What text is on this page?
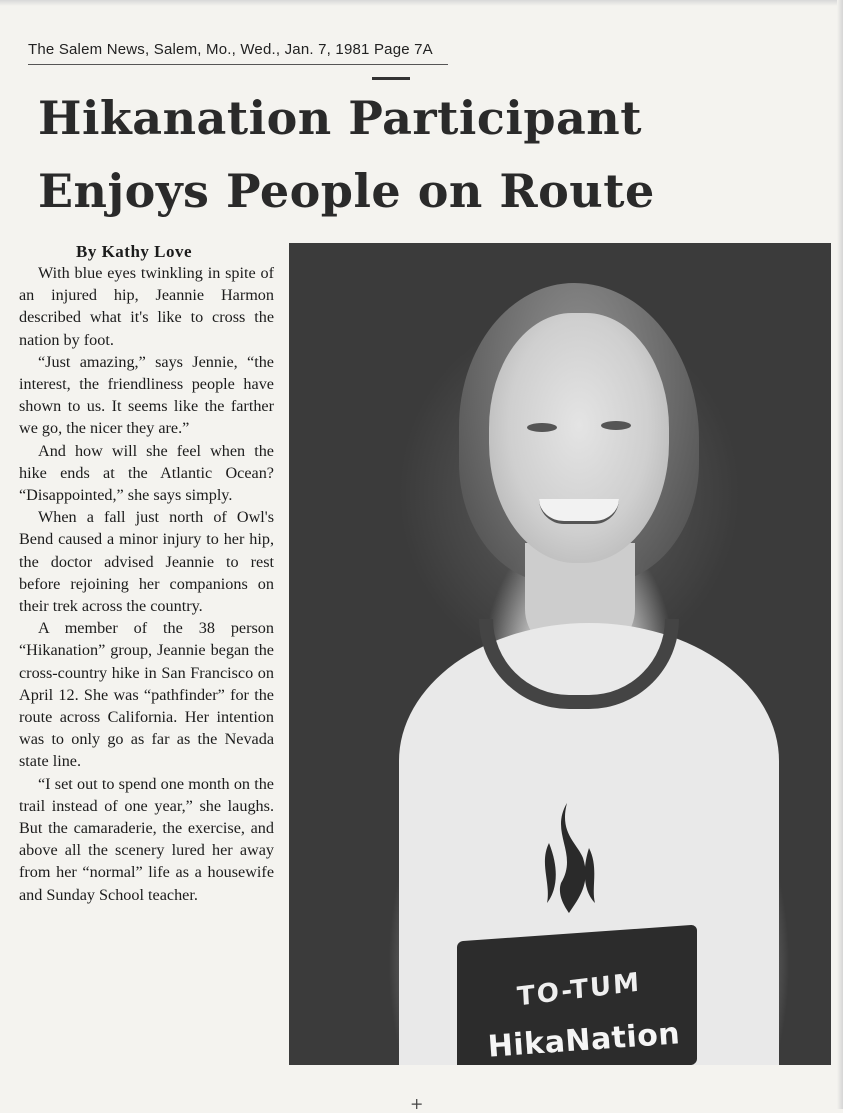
The Salem News, Salem, Mo., Wed., Jan. 7, 1981 Page 7A
Hikanation Participant
Enjoys People on Route
By Kathy Love

With blue eyes twinkling in spite of an injured hip, Jeannie Harmon described what it's like to cross the nation by foot.

“Just amazing,” says Jennie, “the interest, the friendliness people have shown to us. It seems like the farther we go, the nicer they are.”

And how will she feel when the hike ends at the Atlantic Ocean? “Disappointed,” she says simply.

When a fall just north of Owl's Bend caused a minor injury to her hip, the doctor advised Jeannie to rest before rejoining her companions on their trek across the country.

A member of the 38 person “Hikanation” group, Jeannie began the cross-country hike in San Francisco on April 12. She was “pathfinder” for the route across California. Her intention was to only go as far as the Nevada state line.

“I set out to spend one month on the trail instead of one year,” she laughs. But the camaraderie, the exercise, and above all the scenery lured her away from her “normal” life as a housewife and Sunday School teacher.

TO-TUM
HikaNation
+
